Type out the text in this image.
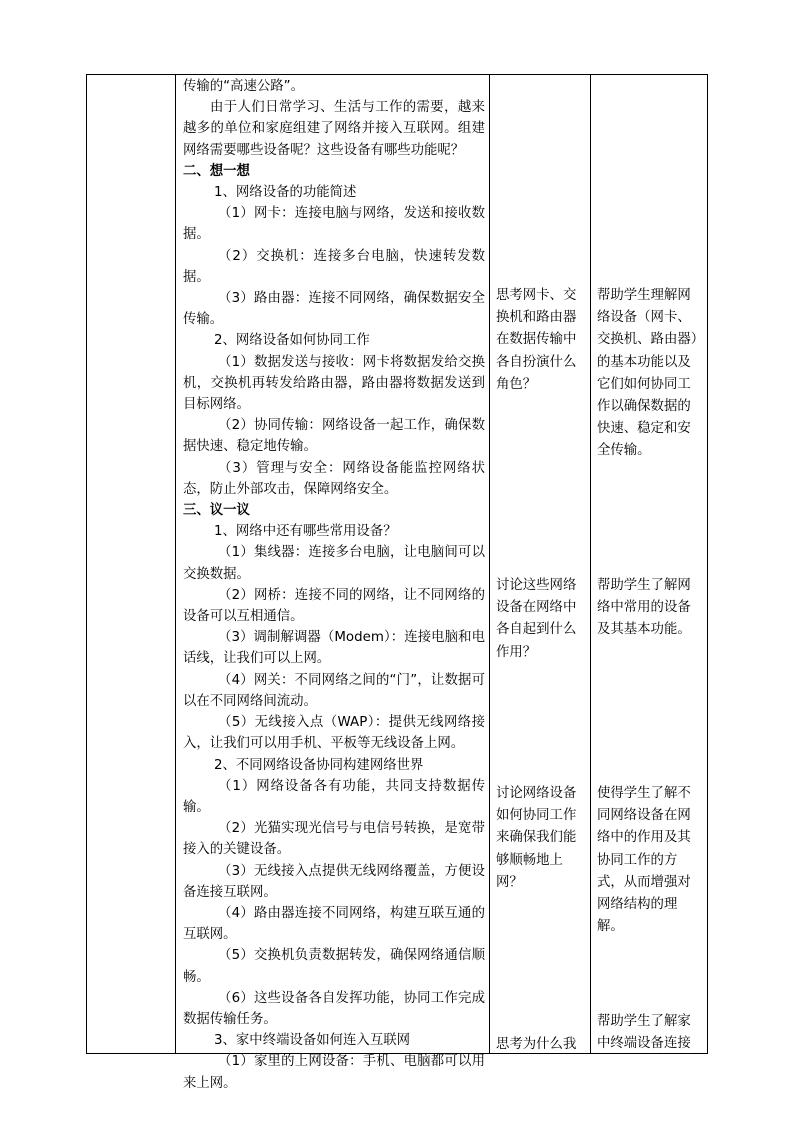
传输的“高速公路”。

由于人们日常学习、生活与工作的需要，越来越多的单位和家庭组建了网络并接入互联网。组建网络需要哪些设备呢？这些设备有哪些功能呢？

二、想一想

1、网络设备的功能简述

（1）网卡：连接电脑与网络，发送和接收数据。

（2）交换机：连接多台电脑，快速转发数据。

（3）路由器：连接不同网络，确保数据安全传输。

2、网络设备如何协同工作

（1）数据发送与接收：网卡将数据发给交换机，交换机再转发给路由器，路由器将数据发送到目标网络。

（2）协同传输：网络设备一起工作，确保数据快速、稳定地传输。

（3）管理与安全：网络设备能监控网络状态，防止外部攻击，保障网络安全。

三、议一议

1、网络中还有哪些常用设备？

（1）集线器：连接多台电脑，让电脑间可以交换数据。

（2）网桥：连接不同的网络，让不同网络的设备可以互相通信。

（3）调制解调器（Modem）：连接电脑和电话线，让我们可以上网。

（4）网关：不同网络之间的“门”，让数据可以在不同网络间流动。

（5）无线接入点（WAP）：提供无线网络接入，让我们可以用手机、平板等无线设备上网。

2、不同网络设备协同构建网络世界

（1）网络设备各有功能，共同支持数据传输。

（2）光猫实现光信号与电信号转换，是宽带接入的关键设备。

（3）无线接入点提供无线网络覆盖，方便设备连接互联网。

（4）路由器连接不同网络，构建互联互通的互联网。

（5）交换机负责数据转发，确保网络通信顺畅。

（6）这些设备各自发挥功能，协同工作完成数据传输任务。

3、家中终端设备如何连入互联网

（1）家里的上网设备：手机、电脑都可以用来上网。

思考网卡、交换机和路由器在数据传输中各自扮演什么角色？
讨论这些网络设备在网络中各自起到什么作用？
讨论网络设备如何协同工作来确保我们能够顺畅地上网？
思考为什么我
帮助学生理解网络设备（网卡、交换机、路由器）的基本功能以及它们如何协同工作以确保数据的快速、稳定和安全传输。
帮助学生了解网络中常用的设备及其基本功能。
使得学生了解不同网络设备在网络中的作用及其协同工作的方式，从而增强对网络结构的理解。
帮助学生了解家中终端设备连接
